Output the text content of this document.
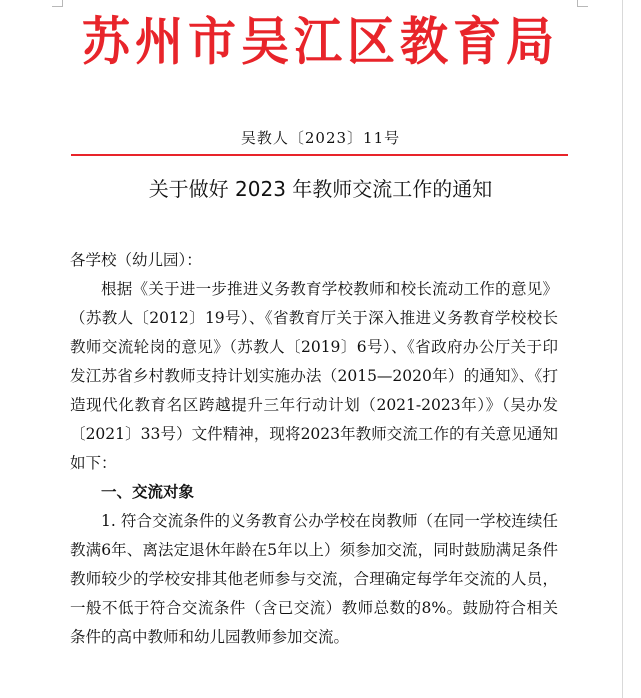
苏州市吴江区教育局
吴教人〔2023〕11号
关于做好 2023 年教师交流工作的通知

各学校（幼儿园）：

根据《关于进一步推进义务教育学校教师和校长流动工作的意见》（苏教人〔2012〕19号）、《省教育厅关于深入推进义务教育学校校长教师交流轮岗的意见》（苏教人〔2019〕6号）、《省政府办公厅关于印发江苏省乡村教师支持计划实施办法（2015—2020年）的通知》、《打造现代化教育名区跨越提升三年行动计划（2021-2023年）》（吴办发〔2021〕33号）文件精神，现将2023年教师交流工作的有关意见通知如下：

一、交流对象

1. 符合交流条件的义务教育公办学校在岗教师（在同一学校连续任教满6年、离法定退休年龄在5年以上）须参加交流，同时鼓励满足条件教师较少的学校安排其他老师参与交流，合理确定每学年交流的人员，一般不低于符合交流条件（含已交流）教师总数的8%。鼓励符合相关条件的高中教师和幼儿园教师参加交流。
